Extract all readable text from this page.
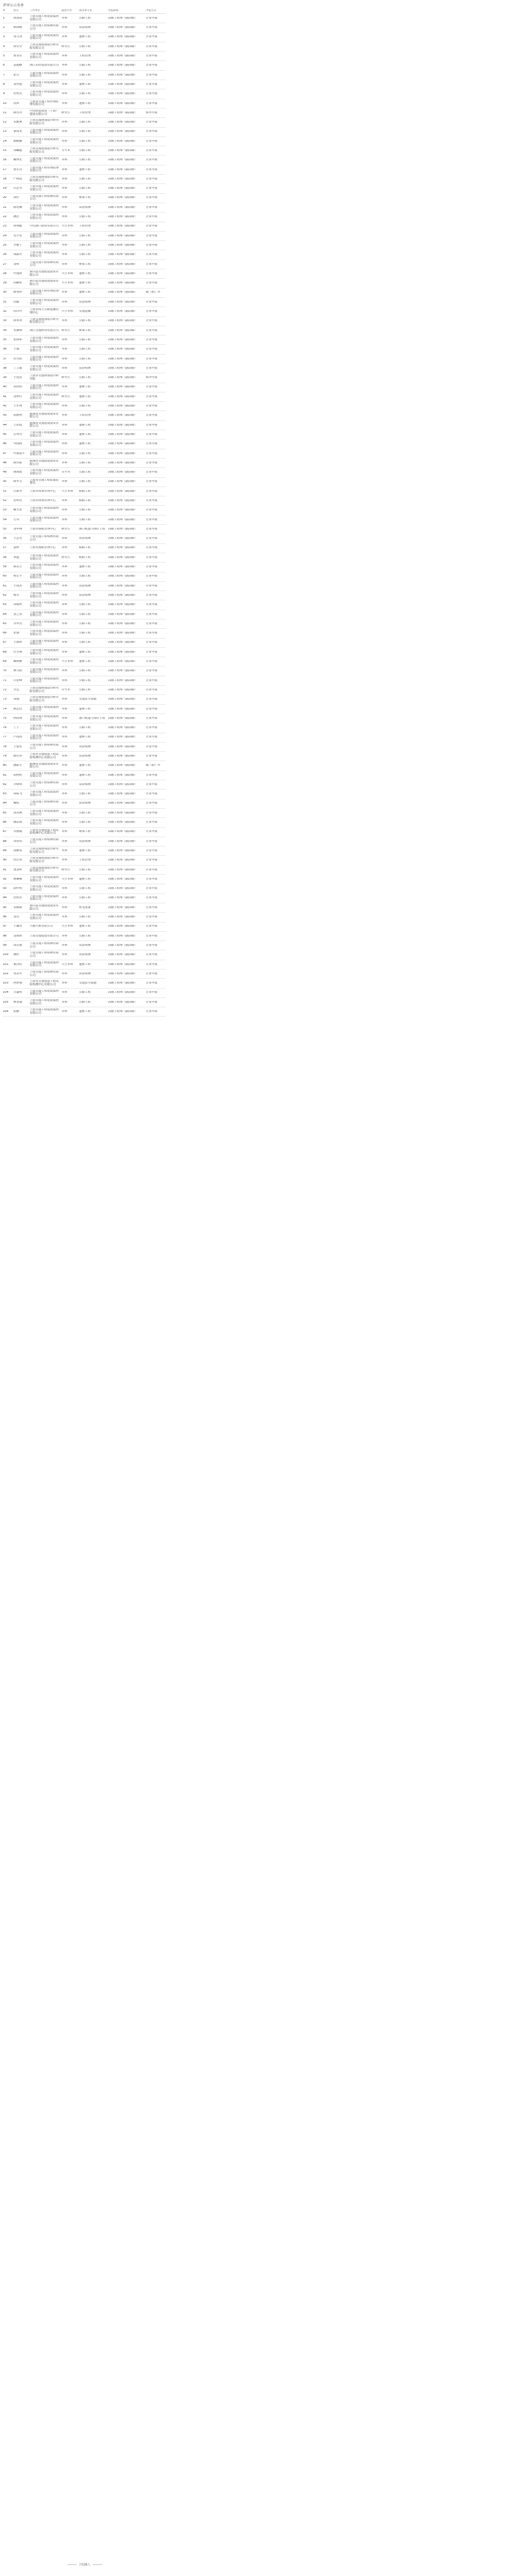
评审公示名单
#	姓名	工作单位	最高学历	现从事专业	申报职称	申报方式
1	徐凌霞	宁波交通工程建设集团有限公司	本科	公路工程	高级工程师（副高级）	正常申报
2	蔡海刚	宁波交通工程检测有限公司	本科	试验检测	高级工程师（副高级）	正常申报
3	郑文众	宁波交通工程建设集团有限公司	本科	道桥工程	高级工程师（副高级）	正常申报
4	徐莹莹	宁波交通规划设计研究院有限公司	研究生	公路工程	高级工程师（副高级）	正常申报
5	曹永乐	宁波交通工程建设集团有限公司	本科	工程管理	高级工程师（副高级）	正常申报
6	袁超鹏	浙江东欣建设有限公司 本科	公路工程	高级工程师（副高级）	正常申报
7	张云	宁波交通工程建设集团有限公司	本科	公路工程	高级工程师（副高级）	正常申报
8	金佳超	宁波交通工程建设集团有限公司	本科	道桥工程	高级工程师（副高级）	正常申报
9	范科杰	宁波交通工程建设集团有限公司	本科	公路工程	高级工程师（副高级）	正常申报
10	皮辉	宁波市交通工程咨询监理有限公司	本科	道桥工程	高级工程师（副高级）	正常申报
11	薛亦齐	中国铁建投资（宁波）建设有限公司	研究生	工程管理	高级工程师（副高级）	转评申报
12	朱雅燕	宁波交通规划设计研究院有限公司	本科	公路工程	高级工程师（副高级）	正常申报
13	董成龙	宁波交通工程建设集团有限公司	本科	公路工程	高级工程师（副高级）	正常申报
14	谢帆鹏	宁波交通工程建设集团有限公司	本科	公路工程	高级工程师（副高级）	正常申报
15	郑瞩超	宁波交通规划设计研究院有限公司	专升本	公路工程	高级工程师（副高级）	正常申报
16	戴博宏	宁波交通工程建设集团有限公司	本科	公路工程	高级工程师（副高级）	正常申报
17	曹宏亮	宁波交通工程咨询监理有限公司	本科	道桥工程	高级工程师（副高级）	正常申报
18	严晓霞	宁波交通规划设计研究院有限公司	本科	公路工程	高级工程师（副高级）	正常申报
19	任思琴	宁波交通工程建设集团有限公司	本科	公路工程	高级工程师（副高级）	正常申报
20	郭轩	宁波交通工程检测有限公司	本科	桥梁工程	高级工程师（副高级）	正常申报
21	薛冠琳	宁波交通工程建设集团有限公司	本科	试验检测	高级工程师（副高级）	正常申报
22	潘忠	宁波交通工程建设集团有限公司	本科	公路工程	高级工程师（副高级）	正常申报
23	徐翔超	中信港口投资有限公司 大学本科	工程管理	高级工程师（副高级）	正常申报
24	毛少龙	宁波交通工程建设集团有限公司	本科	公路工程	高级工程师（副高级）	正常申报
25	李雅宁	宁波交通工程建设集团有限公司	本科	公路工程	高级工程师（副高级）	正常申报
26	邵露丹	宁波交通工程建设集团有限公司	本科	公路工程	高级工程师（副高级）	正常申报
27	金辉	宁波交通工程检测有限公司	本科	桥梁工程	高级工程师（副高级）	正常申报
28	叶涌涛	象山县交通建设投资有限公司	大学本科	道桥工程	高级工程师（副高级）	正常申报
29	周鹏程	象山县交通建设投资有限公司	大学本科	道桥工程	高级工程师（副高级）	正常申报
30	陈秀珍	宁波交通工程咨询监理有限公司	本科	道桥工程	高级工程师（副高级）	破（聘）评
31	周毅	宁波交通工程建设集团有限公司	本科	试验检测	高级工程师（副高级）	正常申报
32	周玲玲	宁波市海上公路运输管理中心	大学本科	交通运输	高级工程师（副高级）	正常申报
33	徐欢欢	宁波交通规划设计研究院有限公司	本科	公路工程	高级工程师（副高级）	正常申报
34	朱森锋	浙江交通科技有限公司 研究生	桥梁工程	高级工程师（副高级）	正常申报
35	张海荣	宁波交通工程建设集团有限公司	本科	公路工程	高级工程师（副高级）	正常申报
36	王强	宁波交通工程建设集团有限公司	本科	公路工程	高级工程师（副高级）	正常申报
37	杜丹阳	宁波交通工程建设集团有限公司	本科	公路工程	高级工程师（副高级）	正常申报
38	丁立超	宁波交通工程建设集团有限公司	本科	试验检测	高级工程师（副高级）	正常申报
39	王远春	宁波市交通规划设计研究院	研究生	公路工程	高级工程师（副高级）	转评申报
40	从欣阳	宁波交通工程建设集团有限公司	本科	道桥工程	高级工程师（副高级）	正常申报
41	刘翠红	宁波交通工程建设集团有限公司	研究生	道桥工程	高级工程师（副高级）	正常申报
42	王军利	宁波交通工程建设集团有限公司	本科	公路工程	高级工程师（副高级）	正常申报
43	胡德柯	慈溪市交通建设投资有限公司	本科	工程管理	高级工程师（副高级）	正常申报
44	王彩霞	慈溪市交通建设投资有限公司	本科	道桥工程	高级工程师（副高级）	正常申报
45	岳秀亮	宁波交通工程建设集团有限公司	本科	道桥工程	高级工程师（副高级）	正常申报
46	乔圆圆	宁波交通工程建设集团有限公司	本科	道桥工程	高级工程师（副高级）	正常申报
47	叶丽建平	宁波交通工程建设集团有限公司	本科	公路工程	高级工程师（副高级）	正常申报
48	陈佳振	慈溪市交通建设投资有限公司	本科	公路工程	高级工程师（副高级）	正常申报
49	屠海波	宁波交通工程建设集团有限公司	专升本	公路工程	高级工程师（副高级）	正常申报
50	陈华宝	宁波市交通工程质量监督站	本科	公路工程	高级工程师（副高级）	正常申报
51	汪丽琴	宁波市海事管理中心	大学本科	船舶工程	高级工程师（副高级）	正常申报
52	范明亮	宁波市海事管理中心	本科	船舶工程	高级工程师（副高级）	正常申报
53	戴天星	宁波交通工程建设集团有限公司	本科	公路工程	高级工程师（副高级）	正常申报
54	方伟	宁波交通工程建设集团有限公司	本科	公路工程	高级工程师（副高级）	正常申报
55	刘华锋	宁波市港航管理中心	研究生	港口航道与海岸工程 高级工程师（副高级）	正常申报
56	王志光	宁波交通工程检测有限公司	本科	试验检测	高级工程师（副高级）	正常申报
57	娄辉	宁波市港航管理中心	本科	船舶工程	高级工程师（副高级）	正常申报
58	章超	宁波交通工程建设集团有限公司	研究生	船舶工程	高级工程师（副高级）	正常申报
59	蔡东方	宁波交通工程建设集团有限公司	本科	道桥工程	高级工程师（副高级）	正常申报
60	蔡长平	宁波交通工程建设集团有限公司	本科	公路工程	高级工程师（副高级）	正常申报
61	王成杰	宁波交通工程建设集团有限公司	本科	试验检测	高级工程师（副高级）	正常申报
62	杨雪	宁波交通工程建设集团有限公司	本科	试验检测	高级工程师（副高级）	正常申报
63	郑俊辉	宁波交通工程建设集团有限公司	本科	公路工程	高级工程师（副高级）	正常申报
64	金之勇	宁波交通工程建设集团有限公司	本科	公路工程	高级工程师（副高级）	正常申报
65	余华杰	宁波交通工程建设集团有限公司	本科	公路工程	高级工程师（副高级）	正常申报
66	张强	宁波交通工程建设集团有限公司	本科	公路工程	高级工程师（副高级）	正常申报
67	王德辉	宁波交通工程建设集团有限公司	本科	公路工程	高级工程师（副高级）	正常申报
68	任雪梅	宁波交通工程建设集团有限公司	本科	道桥工程	高级工程师（副高级）	正常申报
69	戴晓雁	宁波交通工程建设集团有限公司	大学本科	道桥工程	高级工程师（副高级）	正常申报
70	蒋兴阳	宁波交通工程建设集团有限公司	本科	公路工程	高级工程师（副高级）	正常申报
71	吕松峰	宁波交通工程建设集团有限公司	本科	公路工程	高级工程师（副高级）	正常申报
72	李达	宁波交通规划设计研究院有限公司	专升本	公路工程	高级工程师（副高级）	正常申报
73	郑强	宁波交通规划设计研究院有限公司	本科	交通安全设施	高级工程师（副高级）	正常申报
74	颜志浩	宁波交通工程建设集团有限公司	本科	道桥工程	高级工程师（副高级）	正常申报
75	阿涛锋	宁波交通工程建设集团有限公司	本科	港口航道与海岸工程 高级工程师（副高级）	正常申报
76	丁宁	宁波交通工程建设集团有限公司	本科	公路工程	高级工程师（副高级）	正常申报
77	卢霞霞	宁波交通工程建设集团有限公司	本科	道桥工程	高级工程师（副高级）	正常申报
78	王爱东	宁波交通工程检测有限公司	本科	试验检测	高级工程师（副高级）	正常申报
79	陈佐伟	宁波市交通建设工程试验检测中心有限公司	本科	试验检测	高级工程师（副高级）	正常申报
80	潘振宇	慈溪市交通建设投资有限公司	本科	道桥工程	高级工程师（副高级）	破（聘）评
81	胡明明	宁波交通工程建设集团有限公司	本科	道桥工程	高级工程师（副高级）	正常申报
82	李晓林	宁波交通工程检测有限公司	本科	试验检测	高级工程师（副高级）	正常申报
83	郭临飞	宁波交通工程建设集团有限公司	本科	公路工程	高级工程师（副高级）	正常申报
84	戴彪	宁波交通工程检测有限公司	本科	试验检测	高级工程师（副高级）	正常申报
85	郭双燕	宁波交通工程建设集团有限公司	本科	公路工程	高级工程师（副高级）	正常申报
86	潘思源	宁波交通工程建设集团有限公司	本科	公路工程	高级工程师（副高级）	正常申报
87	余惠璇	宁波市交通建设工程试验检测中心有限公司	本科	桥梁工程	高级工程师（副高级）	正常申报
88	郑钧伟	宁波交通工程检测有限公司	本科	试验检测	高级工程师（副高级）	正常申报
89	郭雅倩	宁波交通规划设计研究院有限公司	本科	道桥工程	高级工程师（副高级）	正常申报
90	周云炎	宁波交通规划设计研究院有限公司	本科	工程管理	高级工程师（副高级）	正常申报
91	龚金辉	宁波交通规划设计研究院有限公司	研究生	公路工程	高级工程师（副高级）	正常申报
92	杨琳娜	宁波交通工程建设集团有限公司	大学本科	道桥工程	高级工程师（副高级）	正常申报
93	胡叶明	宁波交通工程建设集团有限公司	本科	公路工程	高级工程师（副高级）	正常申报
94	范程乐	宁波交通工程建设集团有限公司	本科	公路工程	高级工程师（副高级）	正常申报
95	朱敏丽	象山县交通建设投资有限公司	本科	机电设备	高级工程师（副高级）	正常申报
96	金亮	宁波交通工程建设集团有限公司	本科	公路工程	高级工程师（副高级）	正常申报
97	王魏青	大榭大桥有限公司	大学本科	道桥工程	高级工程师（副高级）	正常申报
98	金海涛	宁波交通建设有限公司 本科	公路工程	高级工程师（副高级）	正常申报
99	郑宏俊	宁波交通工程检测有限公司	本科	试验检测	高级工程师（副高级）	正常申报
100	潘轩	宁波交通工程检测有限公司	本科	试验检测	高级工程师（副高级）	正常申报
101	童泽民	宁波交通工程建设集团有限公司	大学本科	道桥工程	高级工程师（副高级）	正常申报
102	郑其可	宁波交通工程检测有限公司	本科	试验检测	高级工程师（副高级）	正常申报
103	阿梦强	宁波市交通建设工程试验检测中心有限公司	本科	交通安全设施	高级工程师（副高级）	正常申报
104	万鑫明	宁波交通工程建设集团有限公司	本科	公路工程	高级工程师（副高级）	正常申报
105	蒋勇强	宁波交通工程建设集团有限公司	本科	公路工程	高级工程师（副高级）	正常申报
106	张鹏	宁波交通工程建设集团有限公司	本科	道桥工程	高级工程师（副高级）	正常申报
共106人
